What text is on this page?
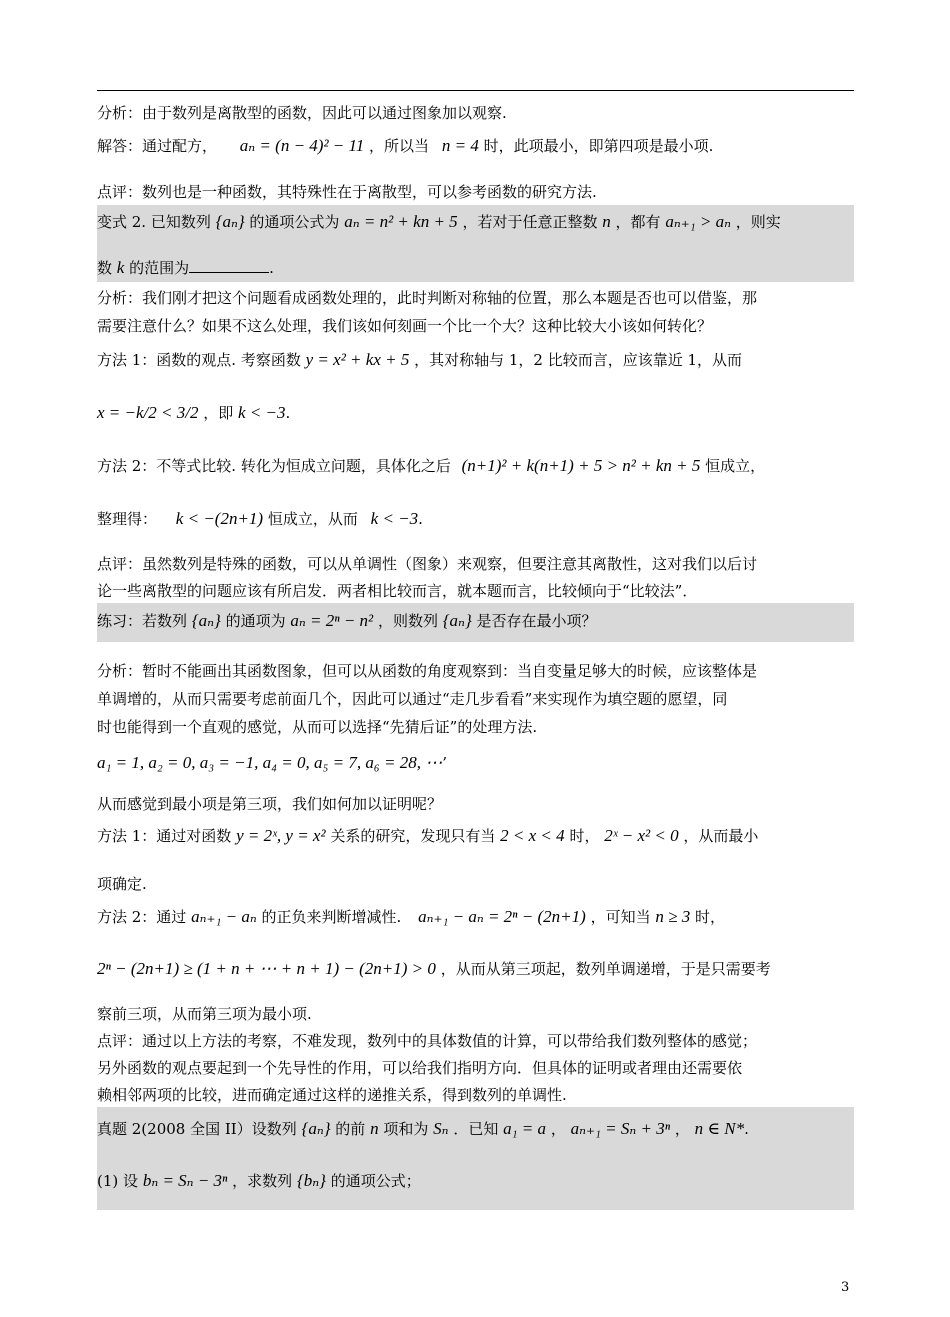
分析：由于数列是离散型的函数，因此可以通过图象加以观察.
解答：通过配方， aₙ = (n − 4)² − 11 ，所以当 n = 4 时，此项最小，即第四项是最小项.
点评：数列也是一种函数，其特殊性在于离散型，可以参考函数的研究方法.
变式 2. 已知数列 {aₙ} 的通项公式为 aₙ = n² + kn + 5 ，若对于任意正整数 n ，都有 aₙ₊₁ > aₙ ，则实
数 k 的范围为	.
分析：我们刚才把这个问题看成函数处理的，此时判断对称轴的位置，那么本题是否也可以借鉴，那
需要注意什么？如果不这么处理，我们该如何刻画一个比一个大？这种比较大小该如何转化？
方法 1：函数的观点. 考察函数 y = x² + kx + 5 ，其对称轴与 1，2 比较而言，应该靠近 1，从而
x = −k/2 < 3/2 ，即 k < −3.
方法 2：不等式比较. 转化为恒成立问题，具体化之后 (n+1)² + k(n+1) + 5 > n² + kn + 5 恒成立，
整理得： k < −(2n+1) 恒成立，从而 k < −3.
点评：虽然数列是特殊的函数，可以从单调性（图象）来观察，但要注意其离散性，这对我们以后讨
论一些离散型的问题应该有所启发．两者相比较而言，就本题而言，比较倾向于“比较法”．
练习：若数列 {aₙ} 的通项为 aₙ = 2ⁿ − n² ，则数列 {aₙ} 是否存在最小项？
分析：暂时不能画出其函数图象，但可以从函数的角度观察到：当自变量足够大的时候，应该整体是
单调增的，从而只需要考虑前面几个，因此可以通过“走几步看看”来实现作为填空题的愿望，同
时也能得到一个直观的感觉，从而可以选择“先猜后证”的处理方法.
a₁ = 1, a₂ = 0, a₃ = −1, a₄ = 0, a₅ = 7, a₆ = 28, ⋯’
从而感觉到最小项是第三项，我们如何加以证明呢？
方法 1：通过对函数 y = 2ˣ, y = x² 关系的研究，发现只有当 2 < x < 4 时， 2ˣ − x² < 0 ，从而最小
项确定.
方法 2：通过 aₙ₊₁ − aₙ 的正负来判断增减性. aₙ₊₁ − aₙ = 2ⁿ − (2n+1) ，可知当 n ≥ 3 时，
2ⁿ − (2n+1) ≥ (1 + n + ⋯ + n + 1) − (2n+1) > 0 ，从而从第三项起，数列单调递增，于是只需要考
察前三项，从而第三项为最小项.
点评：通过以上方法的考察，不难发现，数列中的具体数值的计算，可以带给我们数列整体的感觉；
另外函数的观点要起到一个先导性的作用，可以给我们指明方向．但具体的证明或者理由还需要依
赖相邻两项的比较，进而确定通过这样的递推关系，得到数列的单调性.
真题 2(2008 全国 II）设数列 {aₙ} 的前 n 项和为 Sₙ ．已知 a₁ = a ， aₙ₊₁ = Sₙ + 3ⁿ ， n ∈ N*.
(1) 设 bₙ = Sₙ − 3ⁿ ，求数列 {bₙ} 的通项公式；
3
